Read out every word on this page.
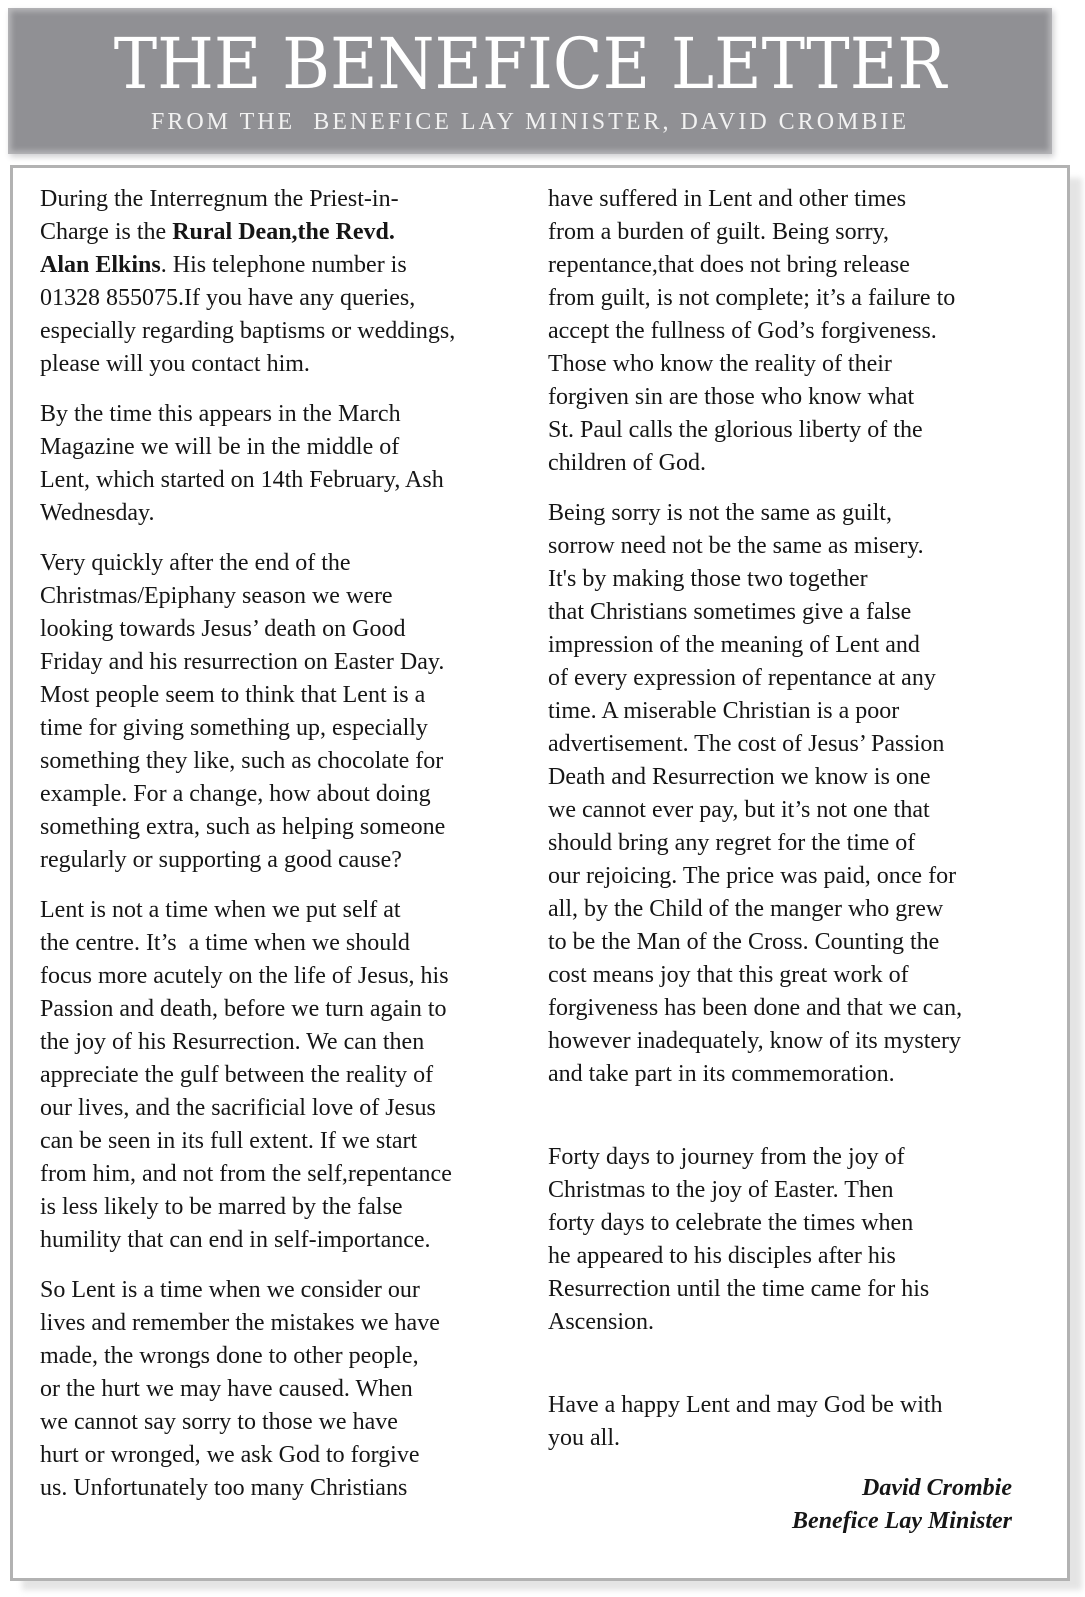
THE BENEFICE LETTER
FROM THE  BENEFICE LAY MINISTER, DAVID CROMBIE

During the Interregnum the Priest-in-
Charge is the Rural Dean,the Revd.
Alan Elkins. His telephone number is
01328 855075.If you have any queries,
especially regarding baptisms or weddings,
please will you contact him.

By the time this appears in the March
Magazine we will be in the middle of
Lent, which started on 14th February, Ash
Wednesday.

Very quickly after the end of the
Christmas/Epiphany season we were
looking towards Jesus’ death on Good
Friday and his resurrection on Easter Day.
Most people seem to think that Lent is a
time for giving something up, especially
something they like, such as chocolate for
example. For a change, how about doing
something extra, such as helping someone
regularly or supporting a good cause?

Lent is not a time when we put self at
the centre. It’s  a time when we should
focus more acutely on the life of Jesus, his
Passion and death, before we turn again to
the joy of his Resurrection. We can then
appreciate the gulf between the reality of
our lives, and the sacrificial love of Jesus
can be seen in its full extent. If we start
from him, and not from the self,repentance
is less likely to be marred by the false
humility that can end in self-importance.

So Lent is a time when we consider our
lives and remember the mistakes we have
made, the wrongs done to other people,
or the hurt we may have caused. When
we cannot say sorry to those we have
hurt or wronged, we ask God to forgive
us. Unfortunately too many Christians

have suffered in Lent and other times
from a burden of guilt. Being sorry,
repentance,that does not bring release
from guilt, is not complete; it’s a failure to
accept the fullness of God’s forgiveness.
Those who know the reality of their
forgiven sin are those who know what
St. Paul calls the glorious liberty of the
children of God.

Being sorry is not the same as guilt,
sorrow need not be the same as misery.
It's by making those two together
that Christians sometimes give a false
impression of the meaning of Lent and
of every expression of repentance at any
time. A miserable Christian is a poor
advertisement. The cost of Jesus’ Passion
Death and Resurrection we know is one
we cannot ever pay, but it’s not one that
should bring any regret for the time of
our rejoicing. The price was paid, once for
all, by the Child of the manger who grew
to be the Man of the Cross. Counting the
cost means joy that this great work of
forgiveness has been done and that we can,
however inadequately, know of its mystery
and take part in its commemoration.

Forty days to journey from the joy of
Christmas to the joy of Easter. Then
forty days to celebrate the times when
he appeared to his disciples after his
Resurrection until the time came for his
Ascension.

Have a happy Lent and may God be with
you all.

David Crombie
Benefice Lay Minister
